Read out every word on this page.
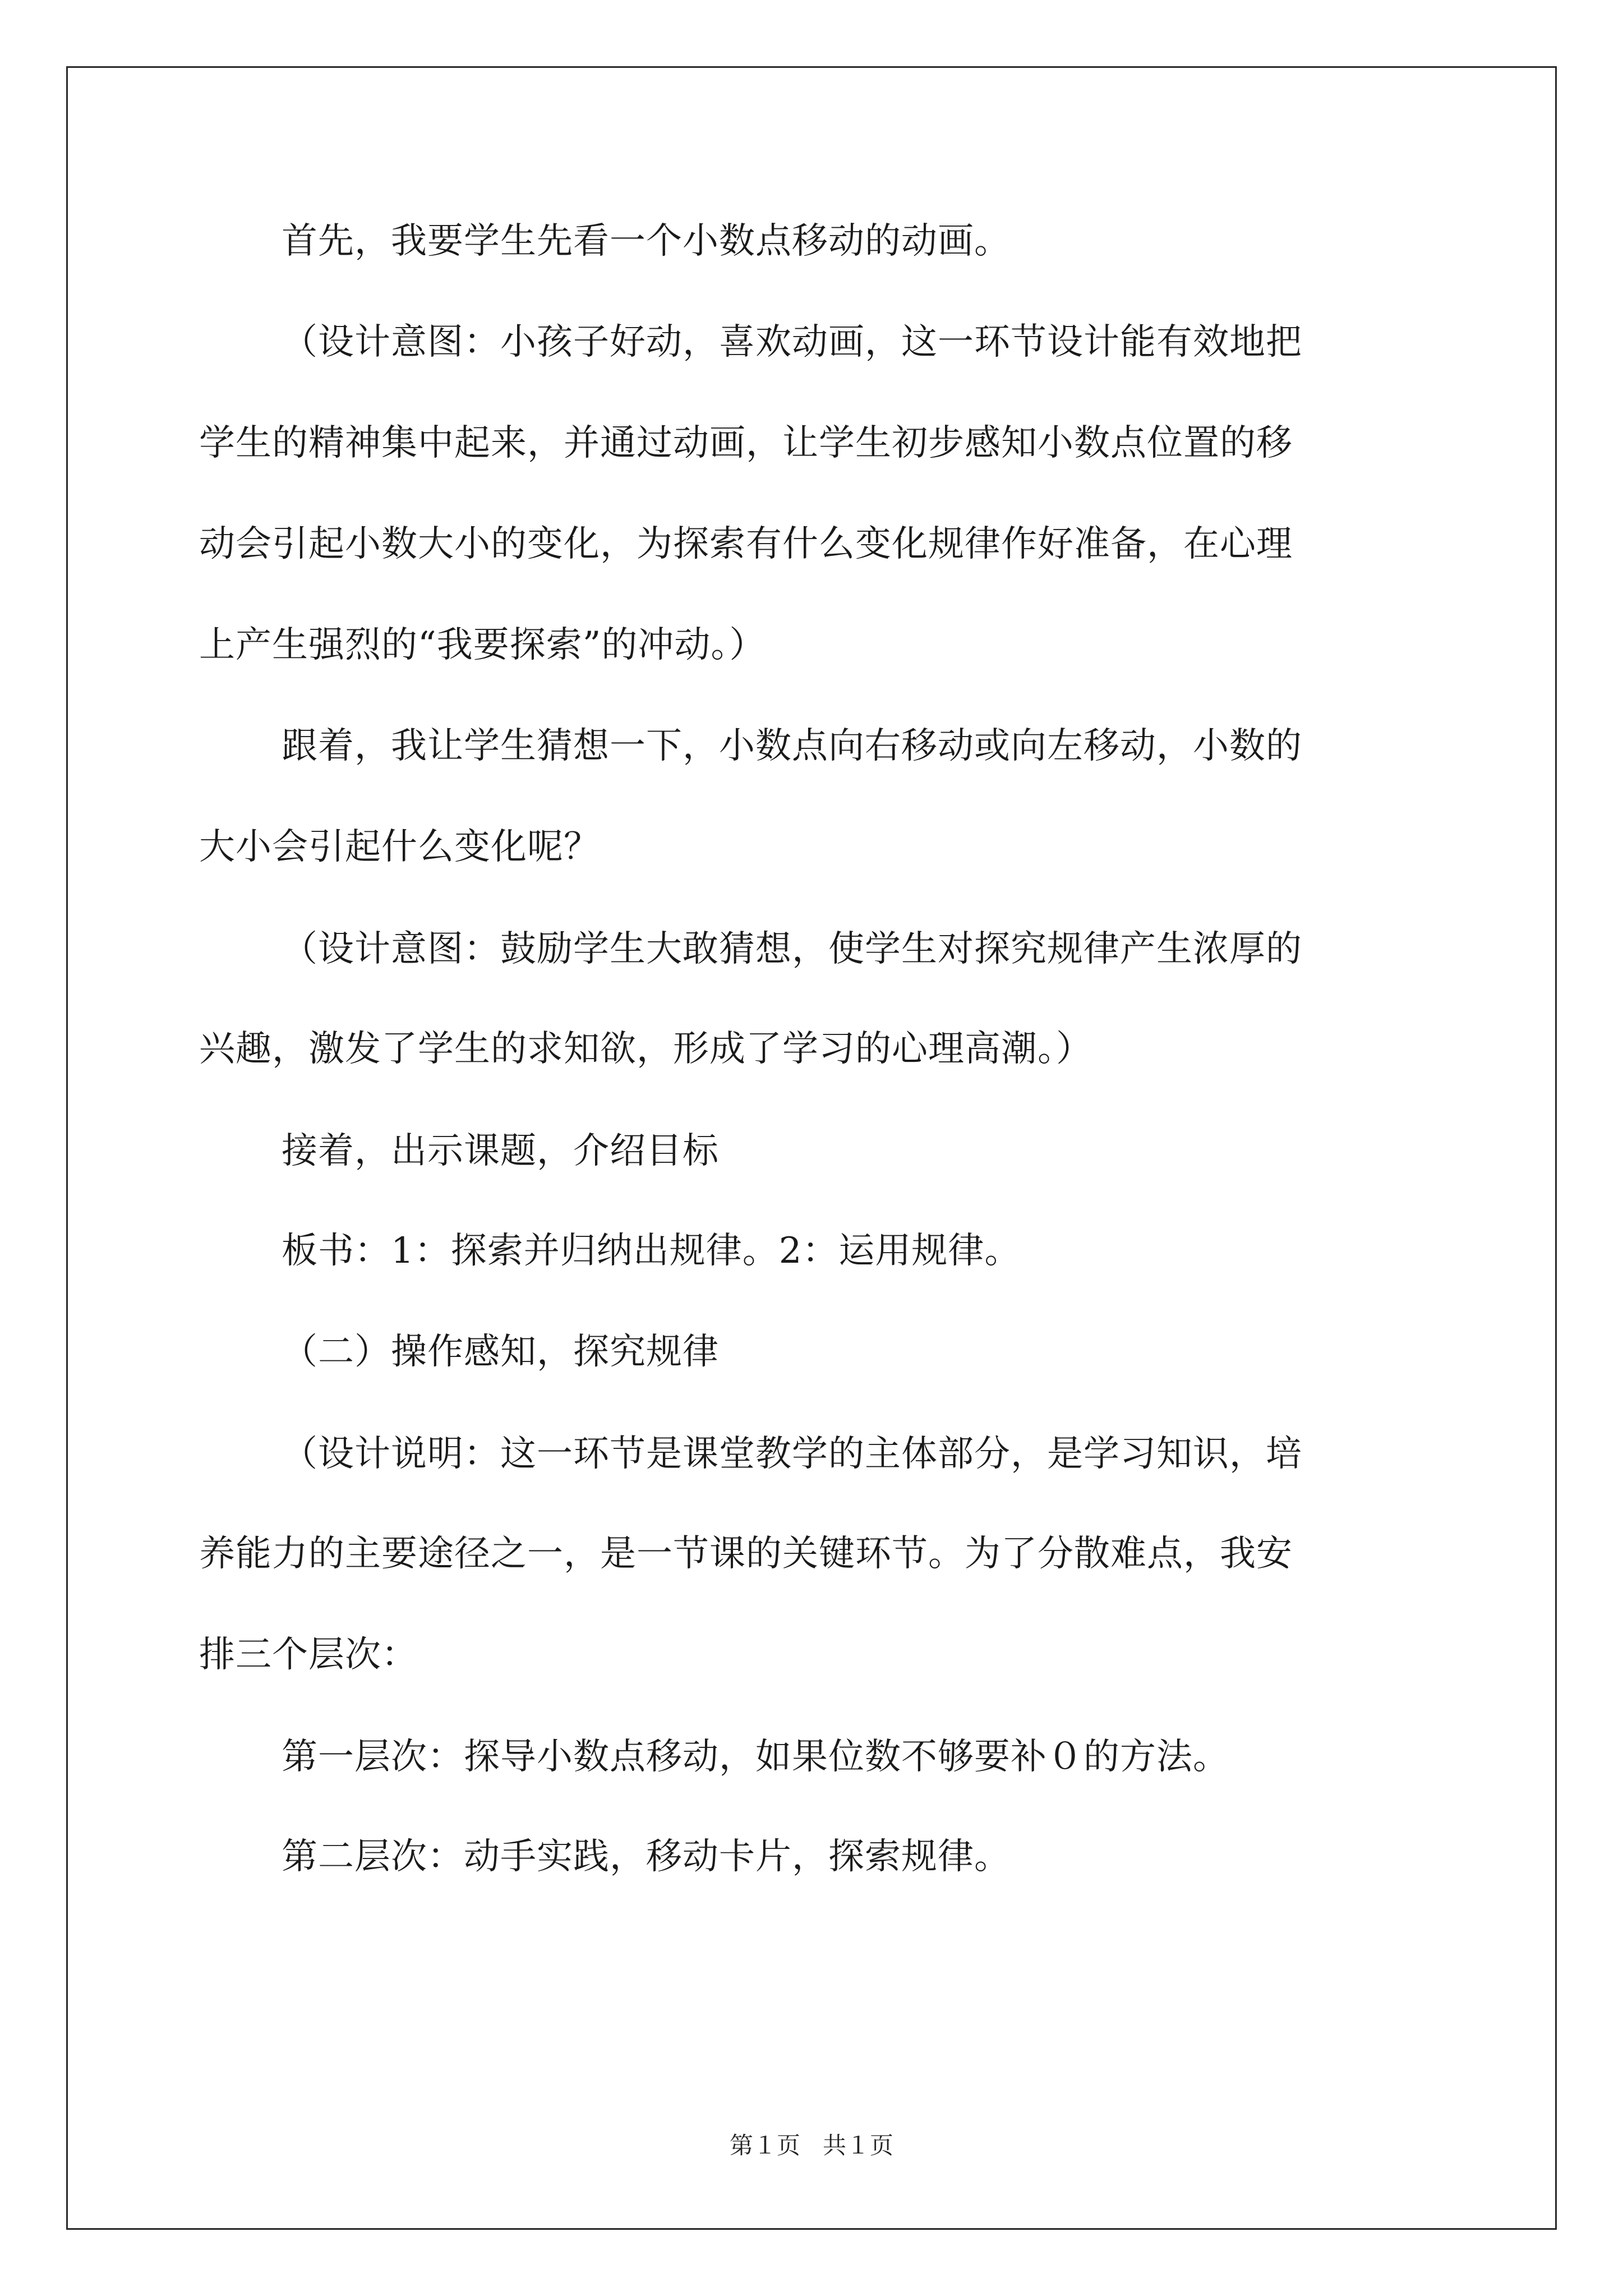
首先，我要学生先看一个小数点移动的动画。
（设计意图：小孩子好动，喜欢动画，这一环节设计能有效地把
学生的精神集中起来，并通过动画，让学生初步感知小数点位置的移
动会引起小数大小的变化，为探索有什么变化规律作好准备，在心理
上产生强烈的“我要探索”的冲动。）
跟着，我让学生猜想一下，小数点向右移动或向左移动，小数的
大小会引起什么变化呢？
（设计意图：鼓励学生大敢猜想，使学生对探究规律产生浓厚的
兴趣，激发了学生的求知欲，形成了学习的心理高潮。）
接着，出示课题，介绍目标
板书：1：探索并归纳出规律。2：运用规律。
（二）操作感知，探究规律
（设计说明：这一环节是课堂教学的主体部分，是学习知识，培
养能力的主要途径之一，是一节课的关键环节。为了分散难点，我安
排三个层次：
第一层次：探导小数点移动，如果位数不够要补０的方法。
第二层次：动手实践，移动卡片，探索规律。
第１页 共１页
